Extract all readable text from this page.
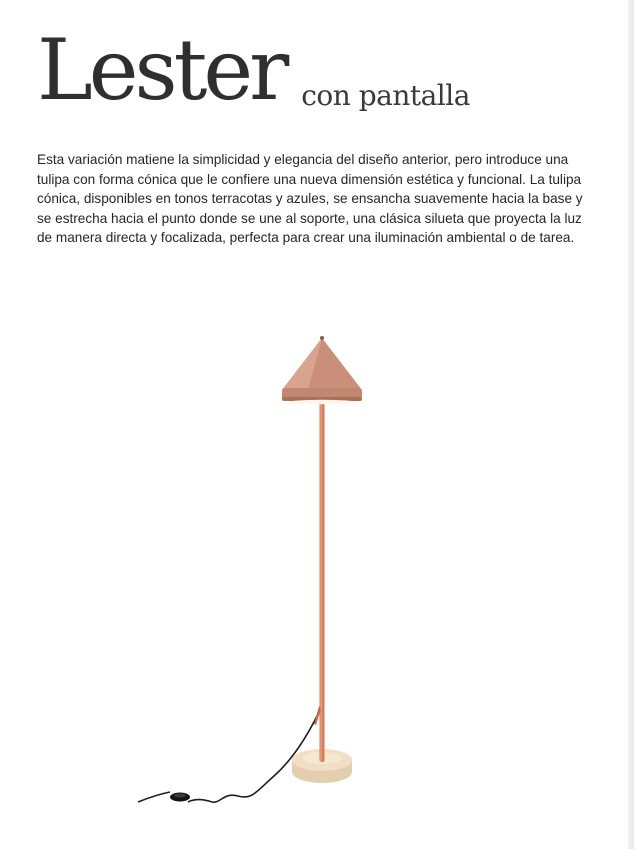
Lester con pantalla

Esta variación matiene la simplicidad y elegancia del diseño anterior, pero introduce una tulipa con forma cónica que le confiere una nueva dimensión estética y funcional. La tulipa cónica, disponibles en tonos terracotas y azules, se ensancha suavemente hacia la base y se estrecha hacia el punto donde se une al soporte, una clásica silueta que proyecta la luz de manera directa y focalizada, perfecta para crear una iluminación ambiental o de tarea.
